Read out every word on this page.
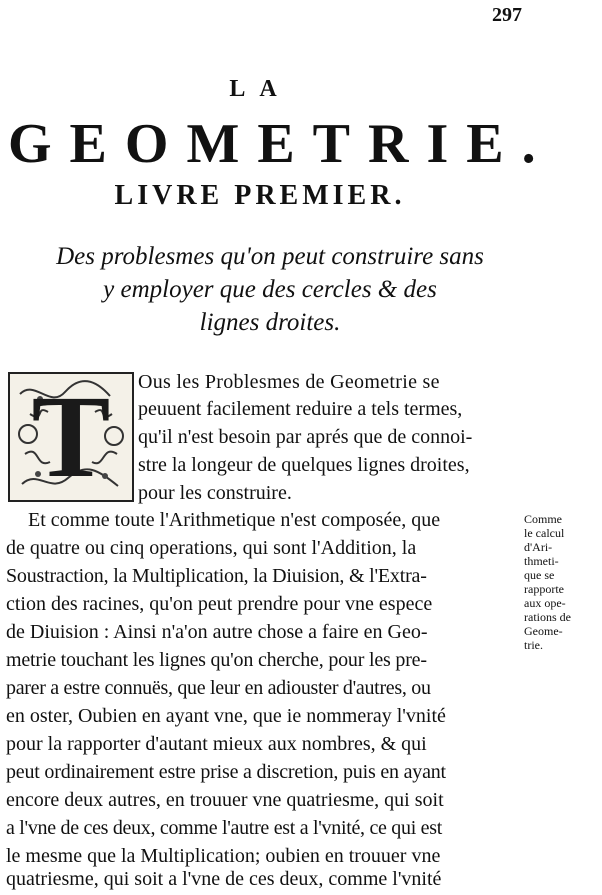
297
LA
GEOMETRIE.
LIVRE PREMIER.
Des problesmes qu'on peut construire sans
y employer que des cercles & des
lignes droites.
T	Ous les Problesmes de Geometrie se
peuuent facilement reduire a tels termes,
qu'il n'est besoin par aprés que de connoi-
stre la longeur de quelques lignes droites,
pour les construire.
Et comme toute l'Arithmetique n'est composée, que
de quatre ou cinq operations, qui sont l'Addition, la
Soustraction, la Multiplication, la Diuision, & l'Extra-
ction des racines, qu'on peut prendre pour vne espece
de Diuision : Ainsi n'a'on autre chose a faire en Geo-
metrie touchant les lignes qu'on cherche, pour les pre-
parer a estre connuës, que leur en adiouster d'autres, ou
en oster, Oubien en ayant vne, que ie nommeray l'vnité
pour la rapporter d'autant mieux aux nombres, & qui
peut ordinairement estre prise a discretion, puis en ayant
encore deux autres, en trouuer vne quatriesme, qui soit
a l'vne de ces deux, comme l'autre est a l'vnité, ce qui est
le mesme que la Multiplication; oubien en trouuer vne
quatriesme, qui soit a l'vne de ces deux, comme l'vnité
Comme
le calcul
d'Ari-
thmeti-
que se
rapporte
aux ope-
rations de
Geome-
trie.
